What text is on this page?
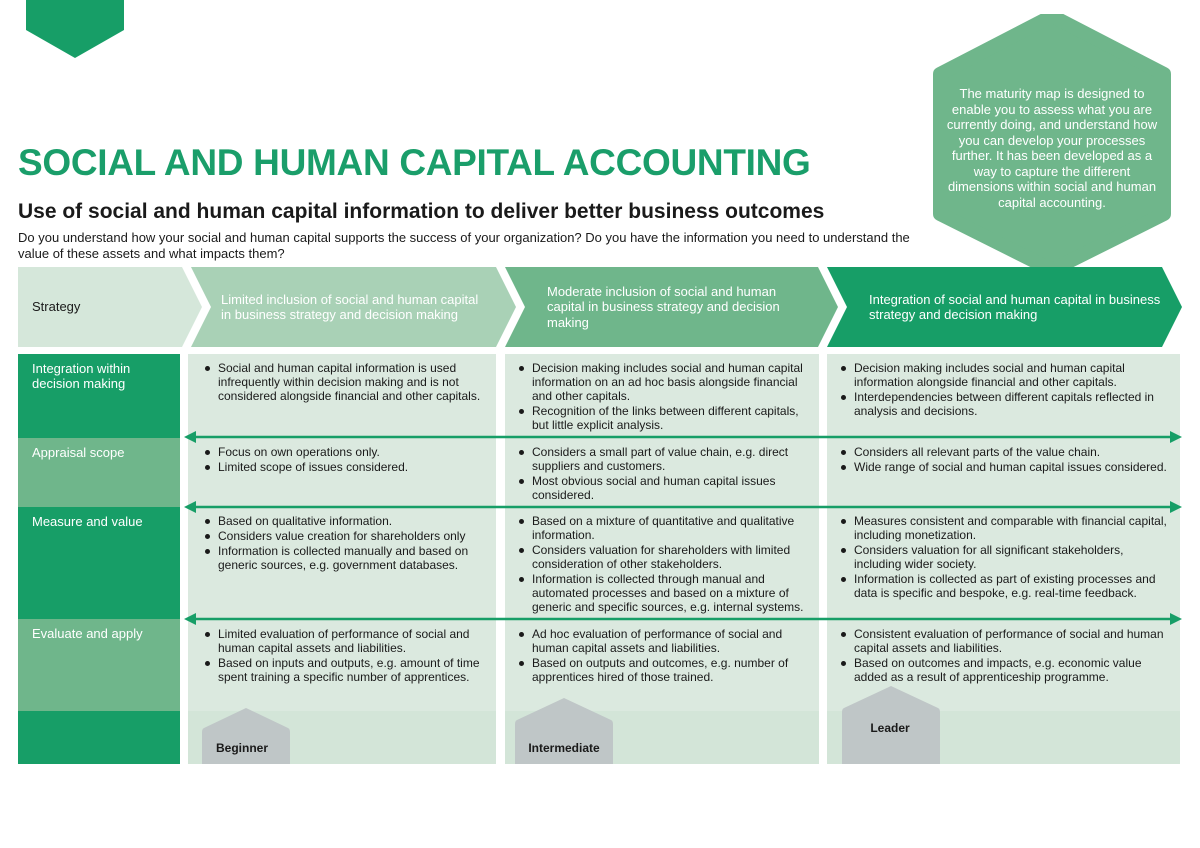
SOCIAL AND HUMAN CAPITAL ACCOUNTING
Use of social and human capital information to deliver better business outcomes

Do you understand how your social and human capital supports the success of your organization? Do you have the information you need to understand the value of these assets and what impacts them?

The maturity map is designed to enable you to assess what you are currently doing, and understand how you can develop your processes further. It has been developed as a way to capture the different dimensions within social and human capital accounting.

Strategy
Limited inclusion of social and human capital in business strategy and decision making
Moderate inclusion of social and human capital in business strategy and decision making
Integration of social and human capital in business strategy and decision making
Integration within decision making
Appraisal scope
Measure and value
Evaluate and apply
Social and human capital information is used infrequently within decision making and is not considered alongside financial and other capitals.
Decision making includes social and human capital information on an ad hoc basis alongside financial and other capitals.
Recognition of the links between different capitals, but little explicit analysis.
Decision making includes social and human capital information alongside financial and other capitals.
Interdependencies between different capitals reflected in analysis and decisions.
Focus on own operations only.
Limited scope of issues considered.
Considers a small part of value chain, e.g. direct suppliers and customers.
Most obvious social and human capital issues considered.
Considers all relevant parts of the value chain.
Wide range of social and human capital issues considered.
Based on qualitative information.
Considers value creation for shareholders only
Information is collected manually and based on generic sources, e.g. government databases.
Based on a mixture of quantitative and qualitative information.
Considers valuation for shareholders with limited consideration of other stakeholders.
Information is collected through manual and automated processes and based on a mixture of generic and specific sources, e.g. internal systems.
Measures consistent and comparable with financial capital, including monetization.
Considers valuation for all significant stakeholders, including wider society.
Information is collected as part of existing processes and data is specific and bespoke, e.g. real-time feedback.
Limited evaluation of performance of social and human capital assets and liabilities.
Based on inputs and outputs, e.g. amount of time spent training a specific number of apprentices.
Ad hoc evaluation of performance of social and human capital assets and liabilities.
Based on outputs and outcomes, e.g. number of apprentices hired of those trained.
Consistent evaluation of performance of social and human capital assets and liabilities.
Based on outcomes and impacts, e.g. economic value added as a result of apprenticeship programme.
Beginner	Intermediate
Leader
